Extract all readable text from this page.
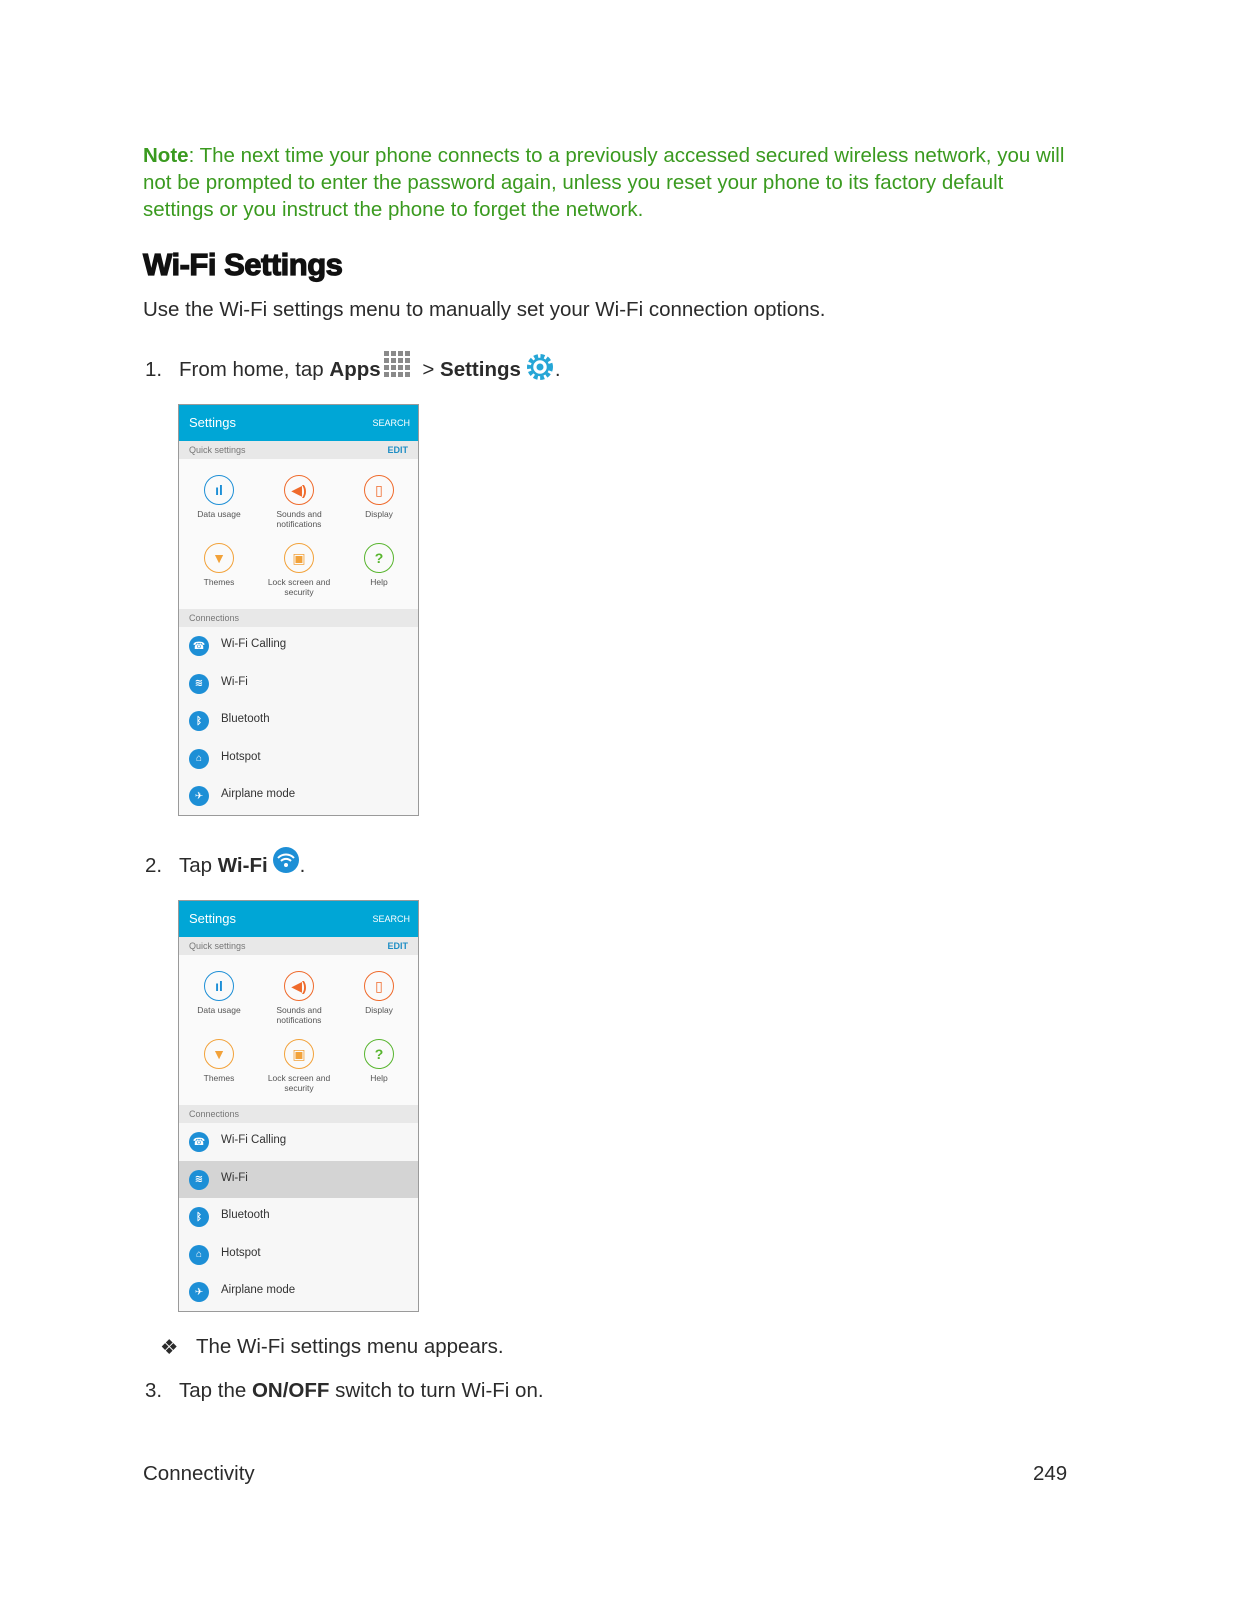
Note: The next time your phone connects to a previously accessed secured wireless network, you will not be prompted to enter the password again, unless you reset your phone to its factory default settings or you instruct the phone to forget the network.
Wi-Fi Settings
Use the Wi-Fi settings menu to manually set your Wi-Fi connection options.
1. From home, tap Apps > Settings .
Settings	SEARCH
Quick settings	EDIT
ıl
Data usage
◀)
Sounds and notifications
▯
Display
▼
Themes
▣
Lock screen and security
?
Help
Connections
☎	Wi-Fi Calling
≋	Wi-Fi
ᛒ	Bluetooth
⌂	Hotspot
✈	Airplane mode
2. Tap Wi-Fi .
Settings	SEARCH
Quick settings	EDIT
ıl
Data usage
◀)
Sounds and notifications
▯
Display
▼
Themes
▣
Lock screen and security
?
Help
Connections
☎	Wi-Fi Calling
≋	Wi-Fi
ᛒ	Bluetooth
⌂	Hotspot
✈	Airplane mode
❖ The Wi-Fi settings menu appears.
3. Tap the ON/OFF switch to turn Wi-Fi on.
Connectivity	249
